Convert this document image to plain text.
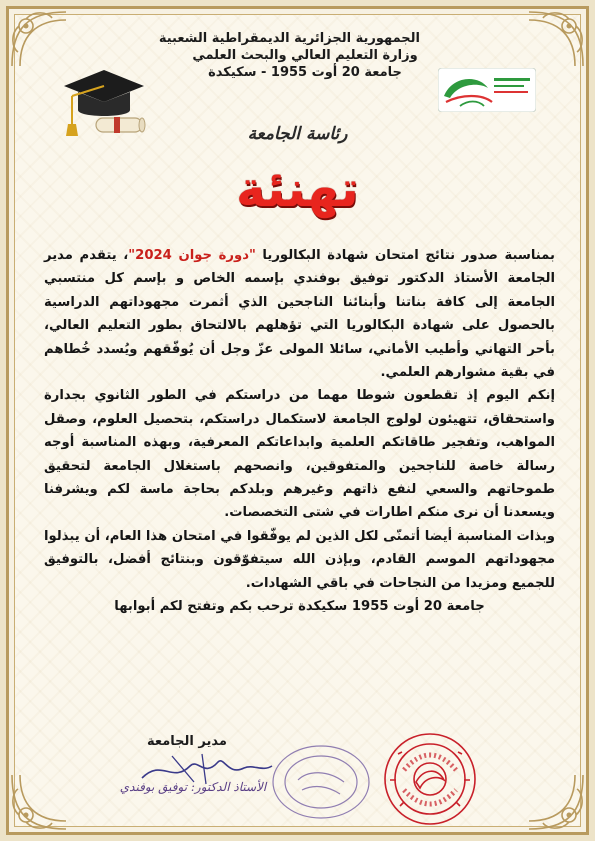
الجمهورية الجزائرية الديمقراطية الشعبية
وزارة التعليم العالي والبحث العلمي
جامعة 20 أوت 1955 - سكيكدة
رئاسة الجامعة
تهنئة

بمناسبة صدور نتائج امتحان شهادة البكالوريا "دورة جوان 2024"، يتقدم مدير الجامعة الأستاذ الدكتور توفيق بوفندي بإسمه الخاص و بإسم كل منتسبي الجامعة إلى كافة بناتنا وأبنائنا الناجحين الذي أثمرت مجهوداتهم الدراسية بالحصول على شهادة البكالوريا التي تؤهلهم بالالتحاق بطور التعليم العالي، بأحر التهاني وأطيب الأماني، سائلا المولى عزّ وجل أن يُوفّقهم ويُسدد خُطاهم في بقية مشوارهم العلمي.

إنكم اليوم إذ تقطعون شوطا مهما من دراستكم في الطور الثانوي بجدارة واستحقاق، تتهيئون لولوج الجامعة لاستكمال دراستكم، بتحصيل العلوم، وصقل المواهب، وتفجير طاقاتكم العلمية وابداعاتكم المعرفية، وبهذه المناسبة أوجه رسالة خاصة للناجحين والمتفوقين، وانصحهم باستغلال الجامعة لتحقيق طموحاتهم والسعي لنفع ذاتهم وغيرهم وبلدكم بحاجة ماسة لكم ويشرفنا ويسعدنا أن نرى منكم اطارات في شتى التخصصات.

وبذات المناسبة أيضا أتمنّى لكل الذين لم يوفّقوا في امتحان هذا العام، أن يبذلوا مجهوداتهم الموسم القادم، وبإذن الله سيتفوّقون وبنتائج أفضل، بالتوفيق للجميع ومزيدا من النجاحات في باقي الشهادات.

جامعة 20 أوت 1955 سكيكدة ترحب بكم وتفتح لكم أبوابها

مدير الجامعة
الأستاذ الدكتور: توفيق بوفندي
